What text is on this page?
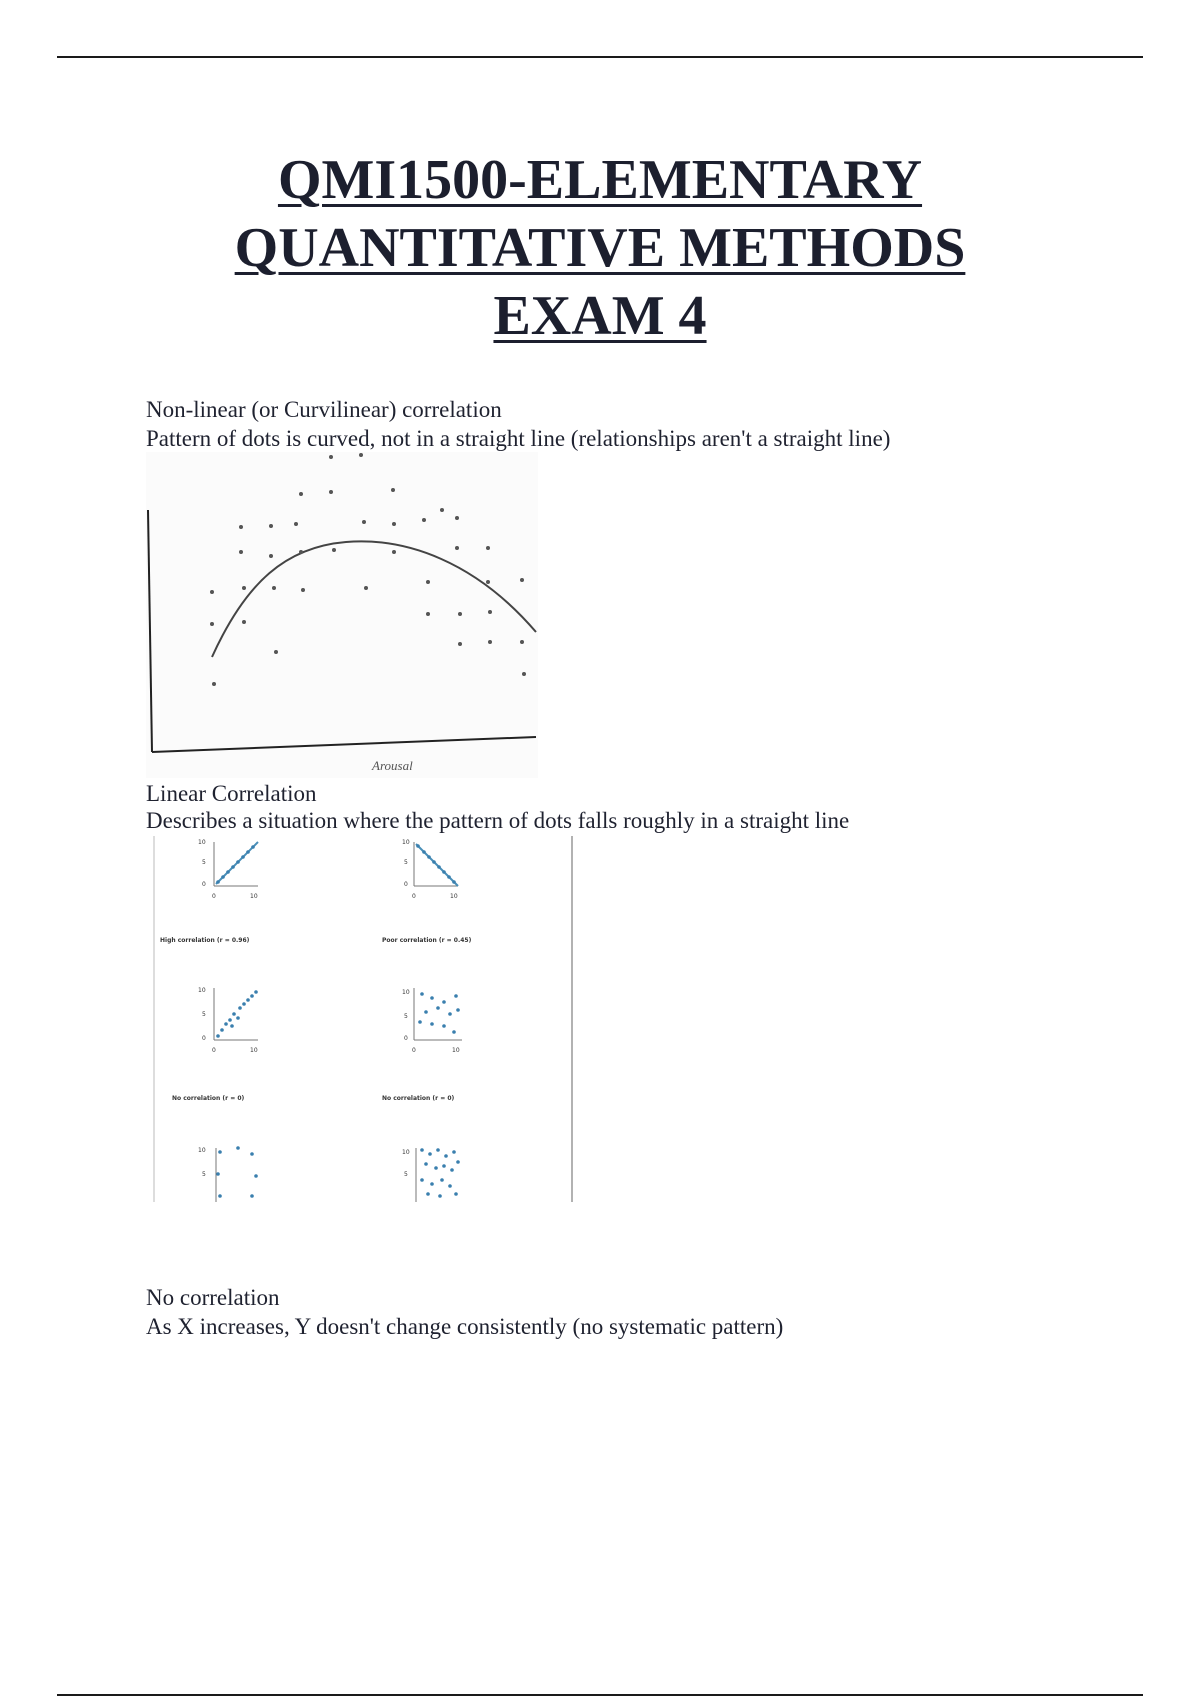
QMI1500-ELEMENTARY
QUANTITATIVE METHODS
EXAM 4
Non-linear (or Curvilinear) correlation
Pattern of dots is curved, not in a straight line (relationships aren't a straight line)
Arousal
Linear Correlation
Describes a situation where the pattern of dots falls roughly in a straight line
10
5
0
0	10
High correlation (r = 0.96)
10
5
0
0	10
Poor correlation (r = 0.45)
10
5
0
0	10
No correlation (r = 0)
10
5
0
0	10
No correlation (r = 0)
10
5
10
5
No correlation
As X increases, Y doesn't change consistently (no systematic pattern)
